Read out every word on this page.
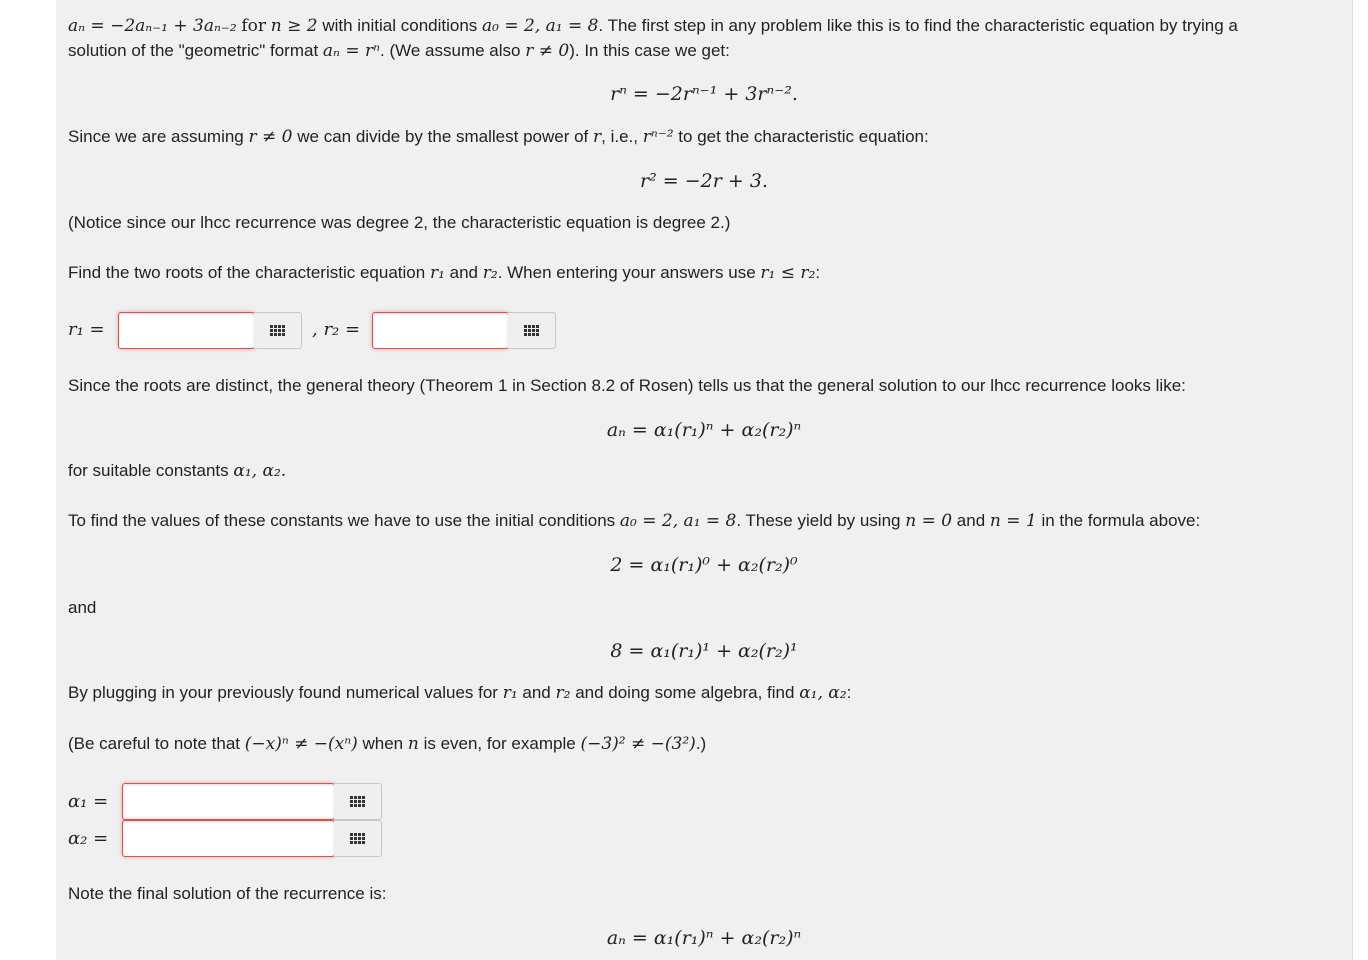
aₙ = −2aₙ₋₁ + 3aₙ₋₂ for n ≥ 2 with initial conditions a₀ = 2, a₁ = 8. The first step in any problem like this is to find the characteristic equation by trying a
solution of the "geometric" format aₙ = rⁿ. (We assume also r ≠ 0). In this case we get:
rⁿ = −2rⁿ⁻¹ + 3rⁿ⁻².
Since we are assuming r ≠ 0 we can divide by the smallest power of r, i.e., rⁿ⁻² to get the characteristic equation:
r² = −2r + 3.
(Notice since our lhcc recurrence was degree 2, the characteristic equation is degree 2.)
Find the two roots of the characteristic equation r₁ and r₂. When entering your answers use r₁ ≤ r₂:
r₁ =	, r₂ =
Since the roots are distinct, the general theory (Theorem 1 in Section 8.2 of Rosen) tells us that the general solution to our lhcc recurrence looks like:
aₙ = α₁(r₁)ⁿ + α₂(r₂)ⁿ
for suitable constants α₁, α₂.
To find the values of these constants we have to use the initial conditions a₀ = 2, a₁ = 8. These yield by using n = 0 and n = 1 in the formula above:
2 = α₁(r₁)⁰ + α₂(r₂)⁰
and
8 = α₁(r₁)¹ + α₂(r₂)¹
By plugging in your previously found numerical values for r₁ and r₂ and doing some algebra, find α₁, α₂:
(Be careful to note that (−x)ⁿ ≠ −(xⁿ) when n is even, for example (−3)² ≠ −(3²).)
α₁ =
α₂ =
Note the final solution of the recurrence is:
aₙ = α₁(r₁)ⁿ + α₂(r₂)ⁿ
